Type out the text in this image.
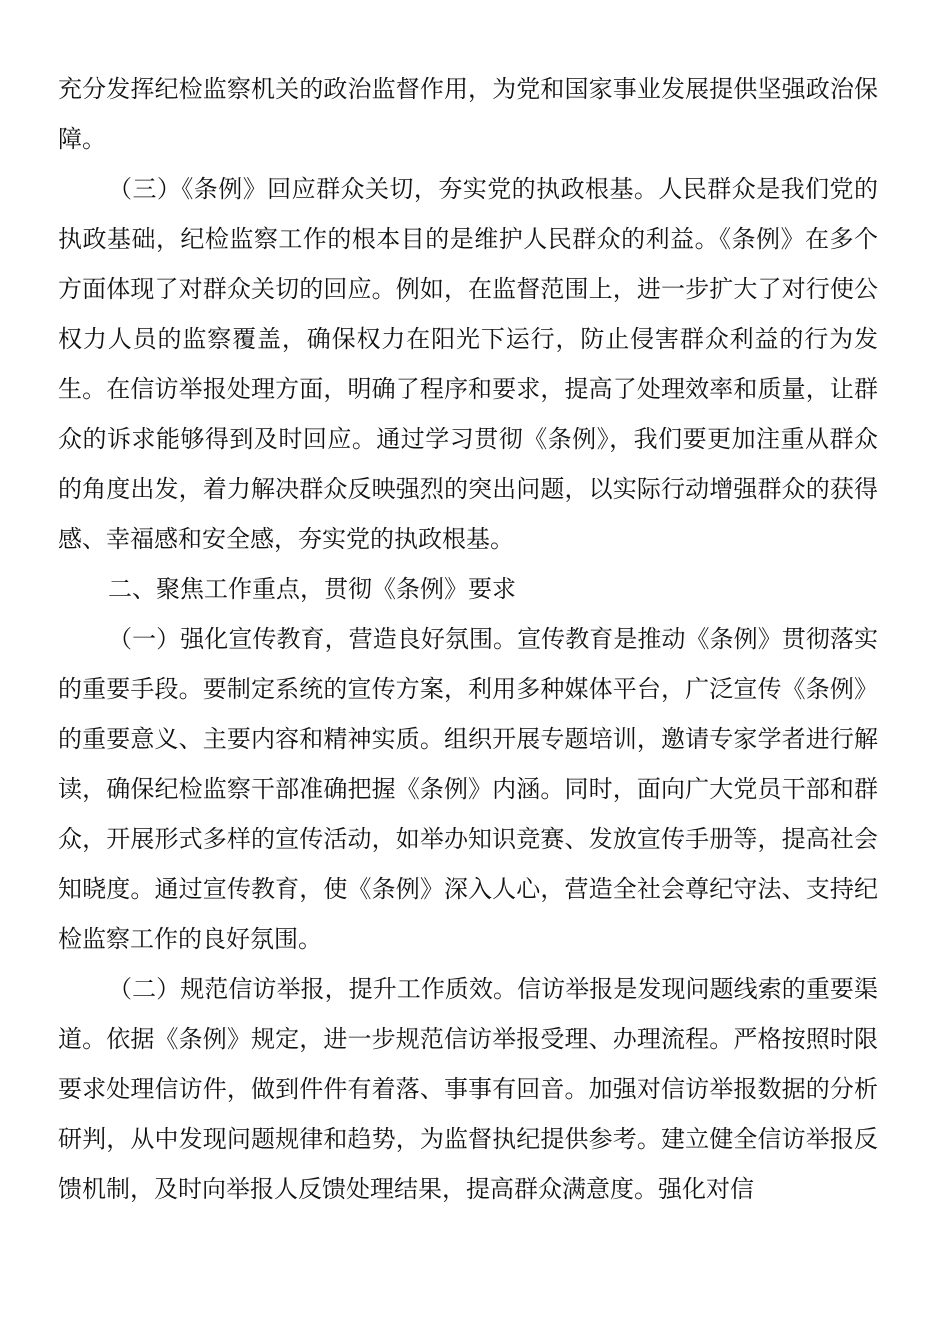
充分发挥纪检监察机关的政治监督作用，为党和国家事业发展提供坚强政治保障。

（三）《条例》回应群众关切，夯实党的执政根基。人民群众是我们党的执政基础，纪检监察工作的根本目的是维护人民群众的利益。《条例》在多个方面体现了对群众关切的回应。例如，在监督范围上，进一步扩大了对行使公权力人员的监察覆盖，确保权力在阳光下运行，防止侵害群众利益的行为发生。在信访举报处理方面，明确了程序和要求，提高了处理效率和质量，让群众的诉求能够得到及时回应。通过学习贯彻《条例》，我们要更加注重从群众的角度出发，着力解决群众反映强烈的突出问题，以实际行动增强群众的获得感、幸福感和安全感，夯实党的执政根基。

二、聚焦工作重点，贯彻《条例》要求

（一）强化宣传教育，营造良好氛围。宣传教育是推动《条例》贯彻落实的重要手段。要制定系统的宣传方案，利用多种媒体平台，广泛宣传《条例》的重要意义、主要内容和精神实质。组织开展专题培训，邀请专家学者进行解读，确保纪检监察干部准确把握《条例》内涵。同时，面向广大党员干部和群众，开展形式多样的宣传活动，如举办知识竞赛、发放宣传手册等，提高社会知晓度。通过宣传教育，使《条例》深入人心，营造全社会尊纪守法、支持纪检监察工作的良好氛围。

（二）规范信访举报，提升工作质效。信访举报是发现问题线索的重要渠道。依据《条例》规定，进一步规范信访举报受理、办理流程。严格按照时限要求处理信访件，做到件件有着落、事事有回音。加强对信访举报数据的分析研判，从中发现问题规律和趋势，为监督执纪提供参考。建立健全信访举报反馈机制，及时向举报人反馈处理结果，提高群众满意度。强化对信
